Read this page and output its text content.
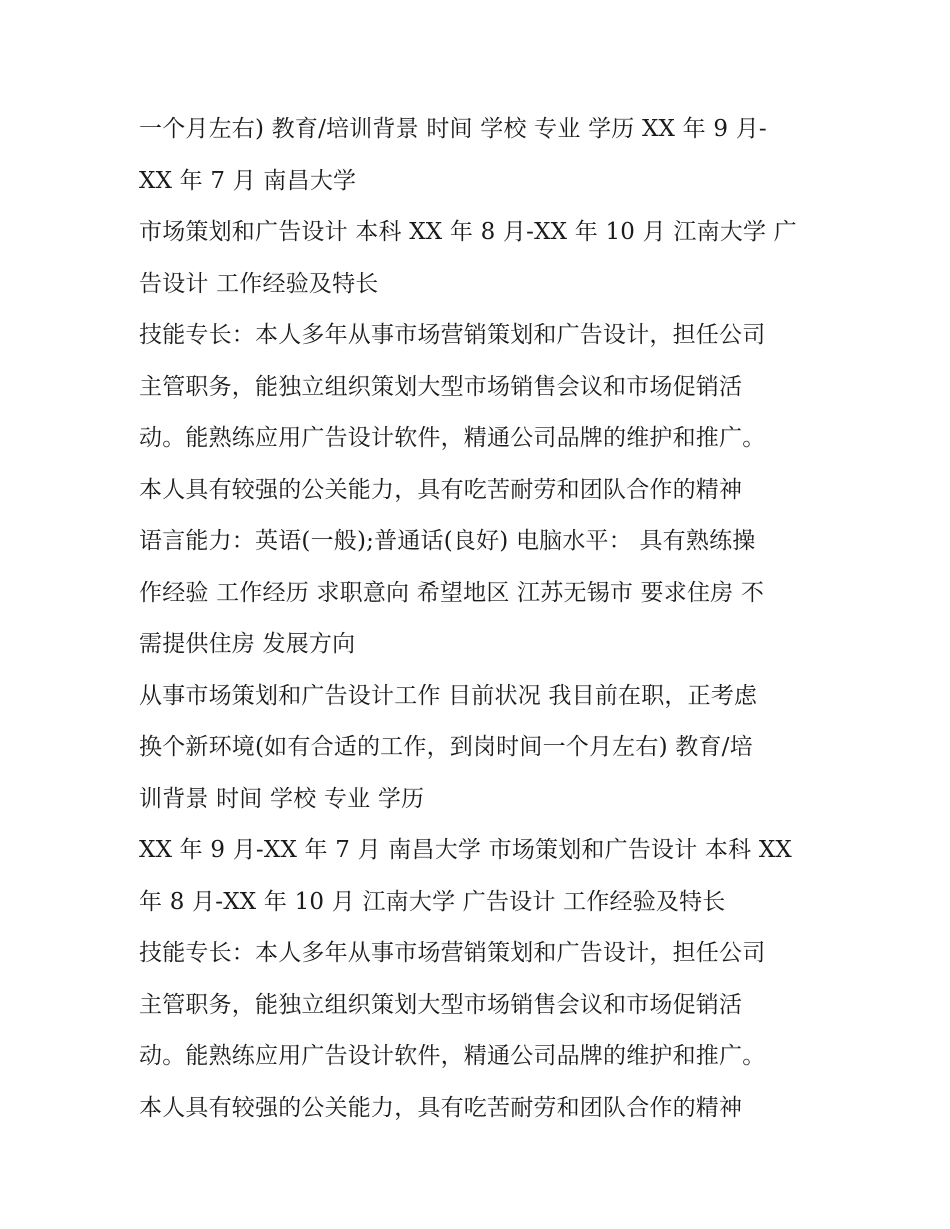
一个月左右) 教育/培训背景 时间 学校 专业 学历 XX 年 9 月-
XX 年 7 月 南昌大学
市场策划和广告设计 本科 XX 年 8 月-XX 年 10 月 江南大学 广
告设计 工作经验及特长
技能专长：本人多年从事市场营销策划和广告设计，担任公司
主管职务，能独立组织策划大型市场销售会议和市场促销活
动。能熟练应用广告设计软件，精通公司品牌的维护和推广。
本人具有较强的公关能力，具有吃苦耐劳和团队合作的精神
语言能力：英语(一般);普通话(良好) 电脑水平： 具有熟练操
作经验 工作经历 求职意向 希望地区 江苏无锡市 要求住房 不
需提供住房 发展方向
从事市场策划和广告设计工作 目前状况 我目前在职，正考虑
换个新环境(如有合适的工作，到岗时间一个月左右) 教育/培
训背景 时间 学校 专业 学历
XX 年 9 月-XX 年 7 月 南昌大学 市场策划和广告设计 本科 XX
年 8 月-XX 年 10 月 江南大学 广告设计 工作经验及特长
技能专长：本人多年从事市场营销策划和广告设计，担任公司
主管职务，能独立组织策划大型市场销售会议和市场促销活
动。能熟练应用广告设计软件，精通公司品牌的维护和推广。
本人具有较强的公关能力，具有吃苦耐劳和团队合作的精神
